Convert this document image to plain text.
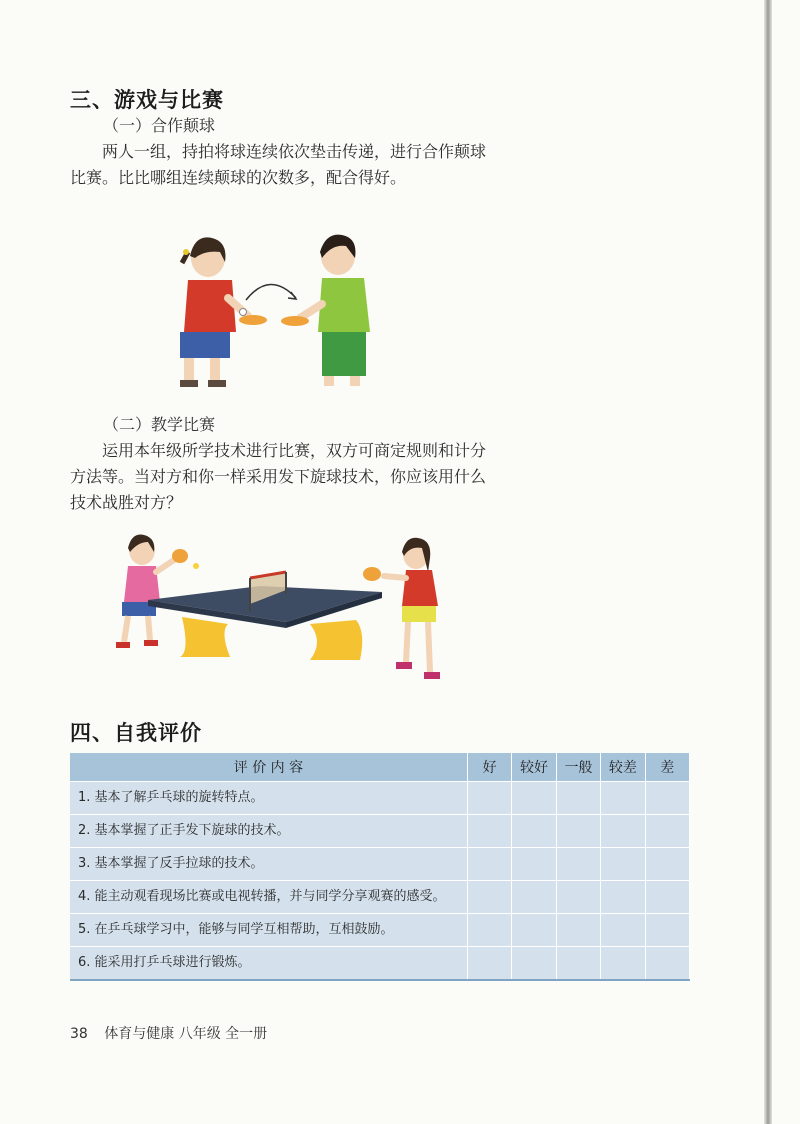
三、游戏与比赛
（一）合作颠球
两人一组，持拍将球连续依次垫击传递，进行合作颠球比赛。比比哪组连续颠球的次数多，配合得好。
（二）教学比赛
运用本年级所学技术进行比赛，双方可商定规则和计分方法等。当对方和你一样采用发下旋球技术，你应该用什么技术战胜对方？
四、自我评价
评 价 内 容	好	较好	一般	较差	差
1. 基本了解乒乓球的旋转特点。					
2. 基本掌握了正手发下旋球的技术。					
3. 基本掌握了反手拉球的技术。					
4. 能主动观看现场比赛或电视转播，并与同学分享观赛的感受。					
5. 在乒乓球学习中，能够与同学互相帮助，互相鼓励。					
6. 能采用打乒乓球进行锻炼。					
38 体育与健康 八年级 全一册
